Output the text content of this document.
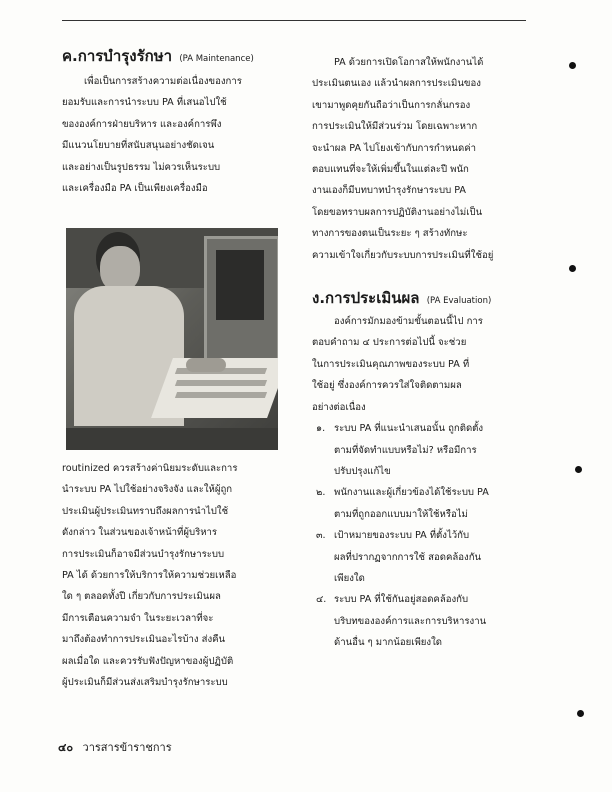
ค.การบำรุงรักษา (PA Maintenance)
เพื่อเป็นการสร้างความต่อเนื่องของการ
ยอมรับและการนำระบบ PA ที่เสนอไปใช้
ขององค์การฝ่ายบริหาร และองค์การพึง
มีแนวนโยบายที่สนับสนุนอย่างชัดเจน
และอย่างเป็นรูปธรรม ไม่ควรเห็นระบบ
และเครื่องมือ PA เป็นเพียงเครื่องมือ
routinized ควรสร้างค่านิยมระดับและการ
นำระบบ PA ไปใช้อย่างจริงจัง และให้ผู้ถูก
ประเมินผู้ประเมินทราบถึงผลการนำไปใช้
ดังกล่าว ในส่วนของเจ้าหน้าที่ผู้บริหาร
การประเมินก็อาจมีส่วนบำรุงรักษาระบบ
PA ได้ ด้วยการให้บริการให้ความช่วยเหลือ
ใด ๆ ตลอดทั้งปี เกี่ยวกับการประเมินผล
มีการเตือนความจำ ในระยะเวลาที่จะ
มาถึงต้องทำการประเมินอะไรบ้าง ส่งคืน
ผลเมื่อใด และควรรับฟังปัญหาของผู้ปฏิบัติ
ผู้ประเมินก็มีส่วนส่งเสริมบำรุงรักษาระบบ
PA ด้วยการเปิดโอกาสให้พนักงานได้
ประเมินตนเอง แล้วนำผลการประเมินของ
เขามาพูดคุยกันถือว่าเป็นการกลั่นกรอง
การประเมินให้มีส่วนร่วม โดยเฉพาะหาก
จะนำผล PA ไปโยงเข้ากับการกำหนดค่า
ตอบแทนที่จะให้เพิ่มขึ้นในแต่ละปี พนัก
งานเองก็มีบทบาทบำรุงรักษาระบบ PA
โดยขอทราบผลการปฏิบัติงานอย่างไม่เป็น
ทางการของตนเป็นระยะ ๆ สร้างทักษะ
ความเข้าใจเกี่ยวกับระบบการประเมินที่ใช้อยู่
ง.การประเมินผล (PA Evaluation)
องค์การมักมองข้ามขั้นตอนนี้ไป การ
ตอบคำถาม ๔ ประการต่อไปนี้ จะช่วย
ในการประเมินคุณภาพของระบบ PA ที่
ใช้อยู่ ซึ่งองค์การควรใส่ใจติดตามผล
อย่างต่อเนื่อง
๑. ระบบ PA ที่แนะนำเสนอนั้น ถูกติดตั้ง
ตามที่จัดทำแบบหรือไม่? หรือมีการ
ปรับปรุงแก้ไข
๒. พนักงานและผู้เกี่ยวข้องได้ใช้ระบบ PA
ตามที่ถูกออกแบบมาให้ใช้หรือไม่
๓. เป้าหมายของระบบ PA ที่ตั้งไว้กับ
ผลที่ปรากฏจากการใช้ สอดคล้องกัน
เพียงใด
๔. ระบบ PA ที่ใช้กันอยู่สอดคล้องกับ
บริบทขององค์การและการบริหารงาน
ด้านอื่น ๆ มากน้อยเพียงใด
๔๐ วารสารข้าราชการ
